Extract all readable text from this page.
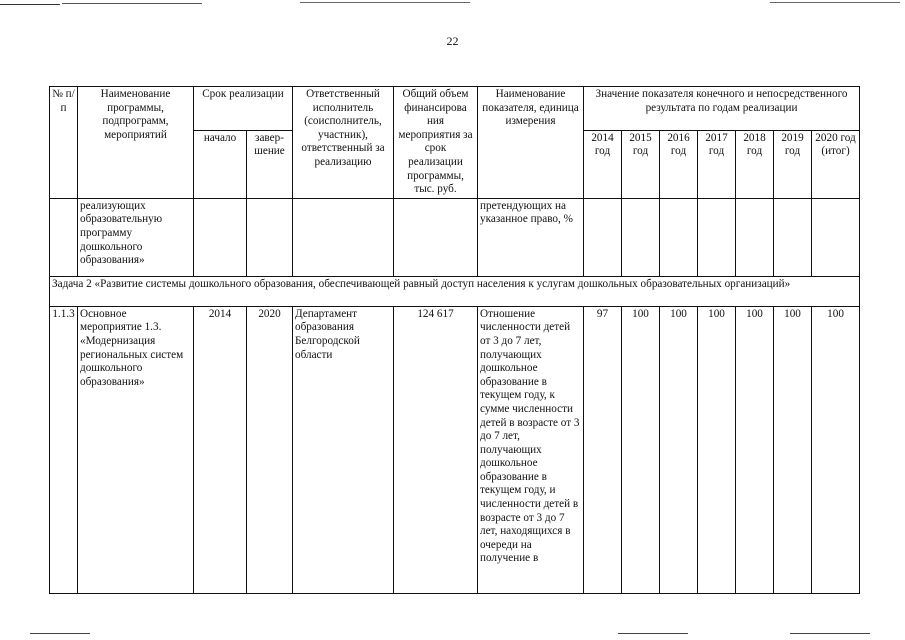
22
№ п/п	Наименование программы, подпрограмм, мероприятий	Срок реализации		Ответственный исполнитель (соисполнитель, участник), ответственный за реализацию	Общий объем финансирова ния мероприятия за срок реализации программы, тыс. руб.	Наименование показателя, единица измерения	Значение показателя конечного и непосредственного результата по годам реализации						
		начало	завер-шение				2014 год	2015 год	2016 год	2017 год	2018 год	2019 год	2020 год (итог)
	реализующих образовательную программу дошкольного образования»					претендующих на указанное право, %							
Задача 2 «Развитие системы дошкольного образования, обеспечивающей равный доступ населения к услугам дошкольных образовательных организаций»													
1.1.3	Основное мероприятие 1.3. «Модернизация региональных систем дошкольного образования»	2014	2020	Департамент образования Белгородской области	124 617	Отношение численности детей от 3 до 7 лет, получающих дошкольное образование в текущем году, к сумме численности детей в возрасте от 3 до 7 лет, получающих дошкольное образование в текущем году, и численности детей в возрасте от 3 до 7 лет, находящихся в очереди на получение в	97	100	100	100	100	100	100
